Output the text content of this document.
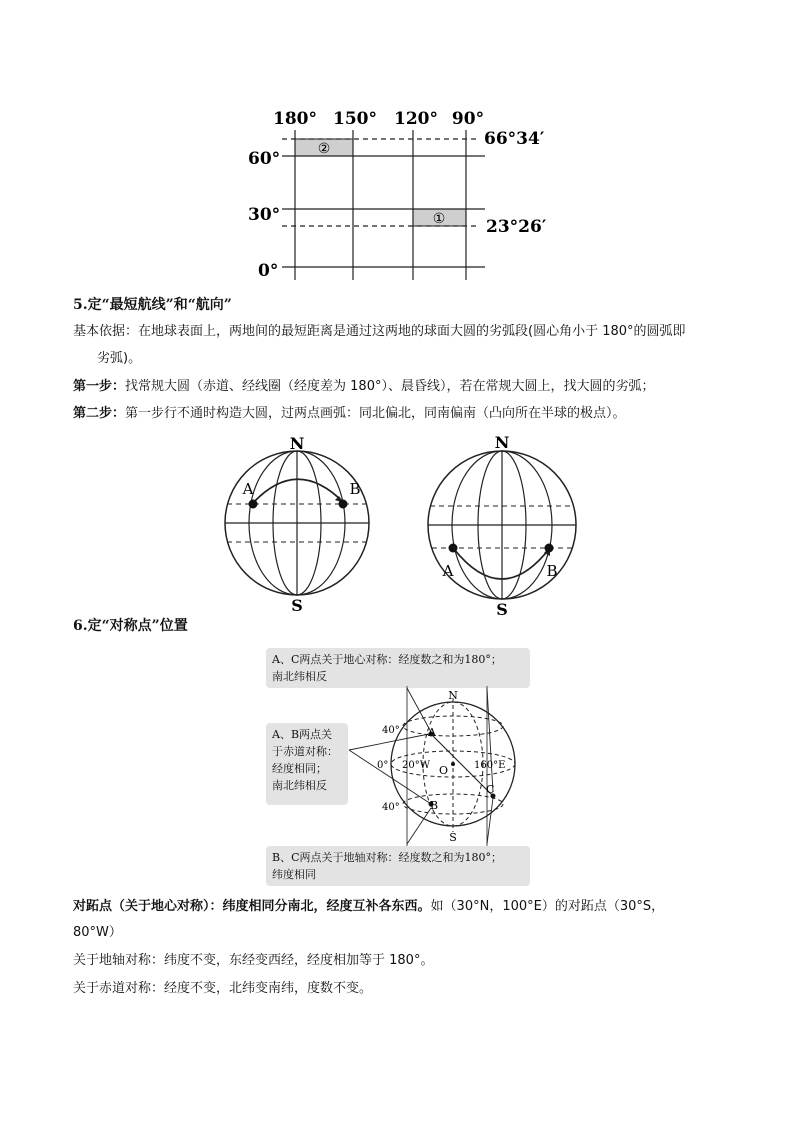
180° 150° 120° 90°
②
①
60°
30°
0°
66°34′
23°26′
5.定“最短航线”和“航向”
基本依据：在地球表面上，两地间的最短距离是通过这两地的球面大圆的劣弧段(圆心角小于 180°的圆弧即
劣弧)。
第一步：找常规大圆（赤道、经线圈（经度差为 180°）、晨昏线），若在常规大圆上，找大圆的劣弧；
第二步：第一步行不通时构造大圆，过两点画弧：同北偏北，同南偏南（凸向所在半球的极点）。
N
S
A	B
N
S
A	B
6.定“对称点”位置
A、C两点关于地心对称：经度数之和为180°；
南北纬相反
A、B两点关
于赤道对称：
经度相同；
南北纬相反
N
S
A
B
C
O
40°
40°
0° 20°W	160°E
B、C两点关于地轴对称：经度数之和为180°；
纬度相同
对跖点（关于地心对称）：纬度相同分南北，经度互补各东西。如（30°N，100°E）的对跖点（30°S，
80°W）
关于地轴对称：纬度不变，东经变西经，经度相加等于 180°。
关于赤道对称：经度不变，北纬变南纬，度数不变。
